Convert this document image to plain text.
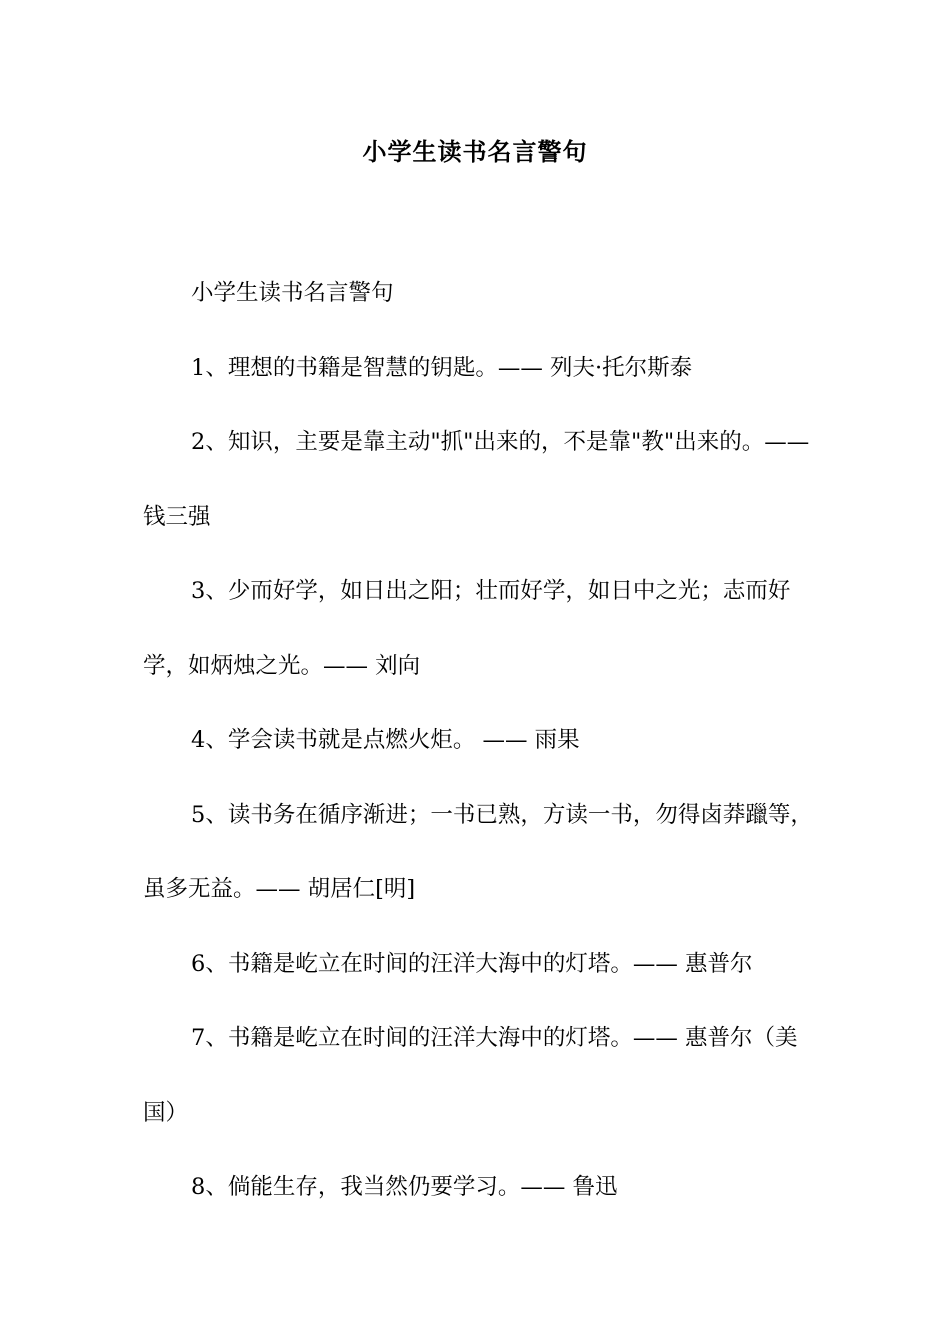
小学生读书名言警句

小学生读书名言警句

1、理想的书籍是智慧的钥匙。—— 列夫·托尔斯泰

2、知识，主要是靠主动"抓"出来的，不是靠"教"出来的。—— 钱三强

3、少而好学，如日出之阳；壮而好学，如日中之光；志而好学，如炳烛之光。—— 刘向

4、学会读书就是点燃火炬。 —— 雨果

5、读书务在循序渐进；一书已熟，方读一书，勿得卤莽躐等，虽多无益。—— 胡居仁[明]

6、书籍是屹立在时间的汪洋大海中的灯塔。—— 惠普尔

7、书籍是屹立在时间的汪洋大海中的灯塔。—— 惠普尔（美国）

8、倘能生存，我当然仍要学习。—— 鲁迅
